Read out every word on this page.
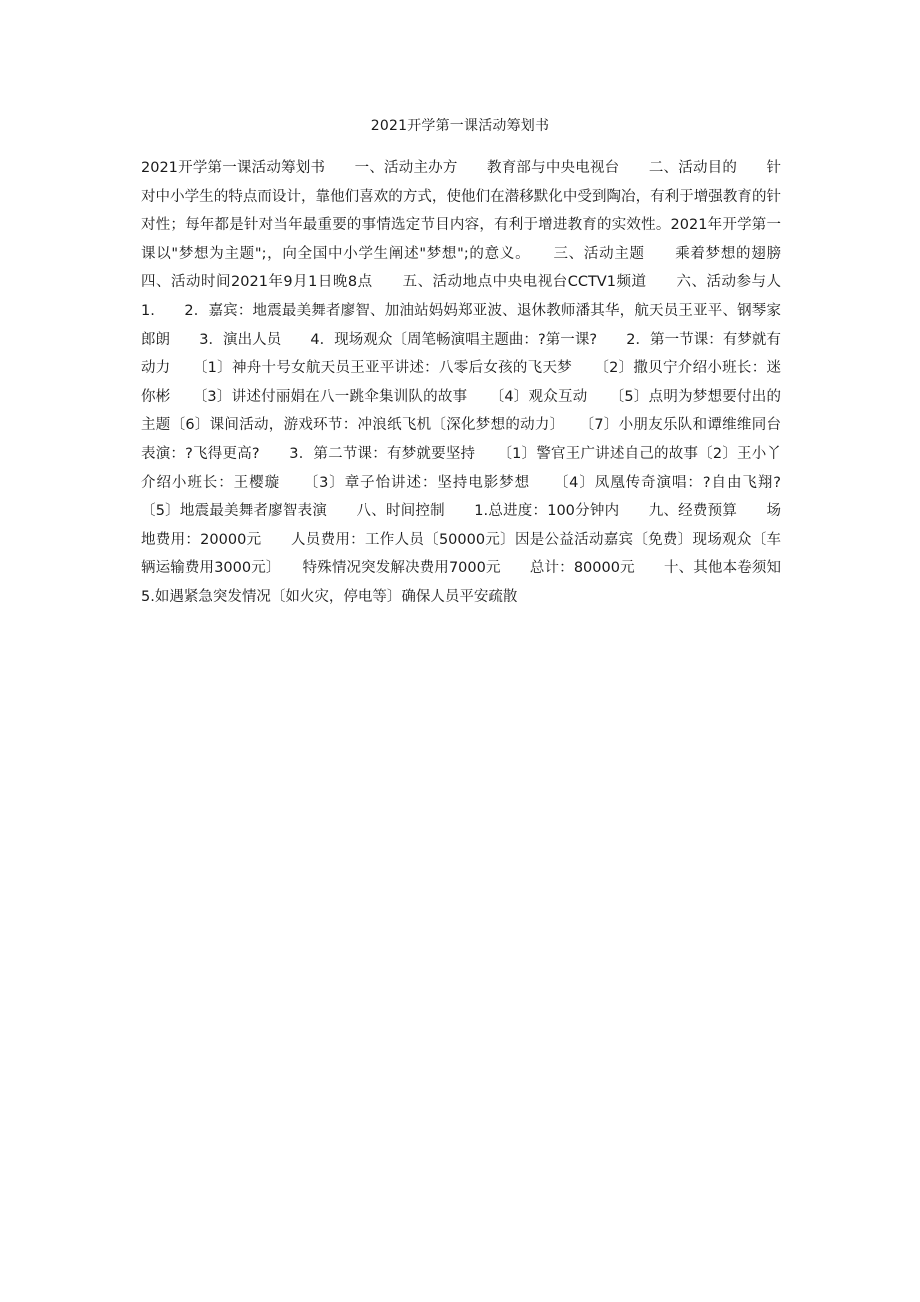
2021开学第一课活动筹划书
2021开学第一课活动筹划书　　一、活动主办方　　教育部与中央电视台　　二、活动目的　　针对中小学生的特点而设计，靠他们喜欢的方式，使他们在潜移默化中受到陶冶，有利于增强教育的针对性；每年都是针对当年最重要的事情选定节目内容，有利于增进教育的实效性。2021年开学第一课以"梦想为主题";，向全国中小学生阐述"梦想";的意义。　　三、活动主题　　乘着梦想的翅膀　　四、活动时间2021年9月1日晚8点　　五、活动地点中央电视台CCTV1频道　　六、活动参与人　　1.　　2．嘉宾：地震最美舞者廖智、加油站妈妈郑亚波、退休教师潘其华，航天员王亚平、钢琴家郎朗　　3．演出人员　　4．现场观众〔周笔畅演唱主题曲：?第一课?　　2．第一节课：有梦就有动力　　〔1〕神舟十号女航天员王亚平讲述：八零后女孩的飞天梦　　〔2〕撒贝宁介绍小班长：迷你彬　　〔3〕讲述付丽娟在八一跳伞集训队的故事　　〔4〕观众互动　　〔5〕点明为梦想要付出的主题〔6〕课间活动，游戏环节：冲浪纸飞机〔深化梦想的动力〕　　〔7〕小朋友乐队和谭维维同台表演：?飞得更高?　　3．第二节课：有梦就要坚持　　〔1〕警官王广讲述自己的故事〔2〕王小丫介绍小班长：王樱璇　　〔3〕章子怡讲述：坚持电影梦想　　〔4〕凤凰传奇演唱：?自由飞翔?　　〔5〕地震最美舞者廖智表演　　八、时间控制　　1.总进度：100分钟内　　九、经费预算　　场地费用：20000元　　人员费用：工作人员〔50000元〕因是公益活动嘉宾〔免费〕现场观众〔车辆运输费用3000元〕　　特殊情况突发解决费用7000元　　总计：80000元　　十、其他本卷须知　　5.如遇紧急突发情况〔如火灾，停电等〕确保人员平安疏散
